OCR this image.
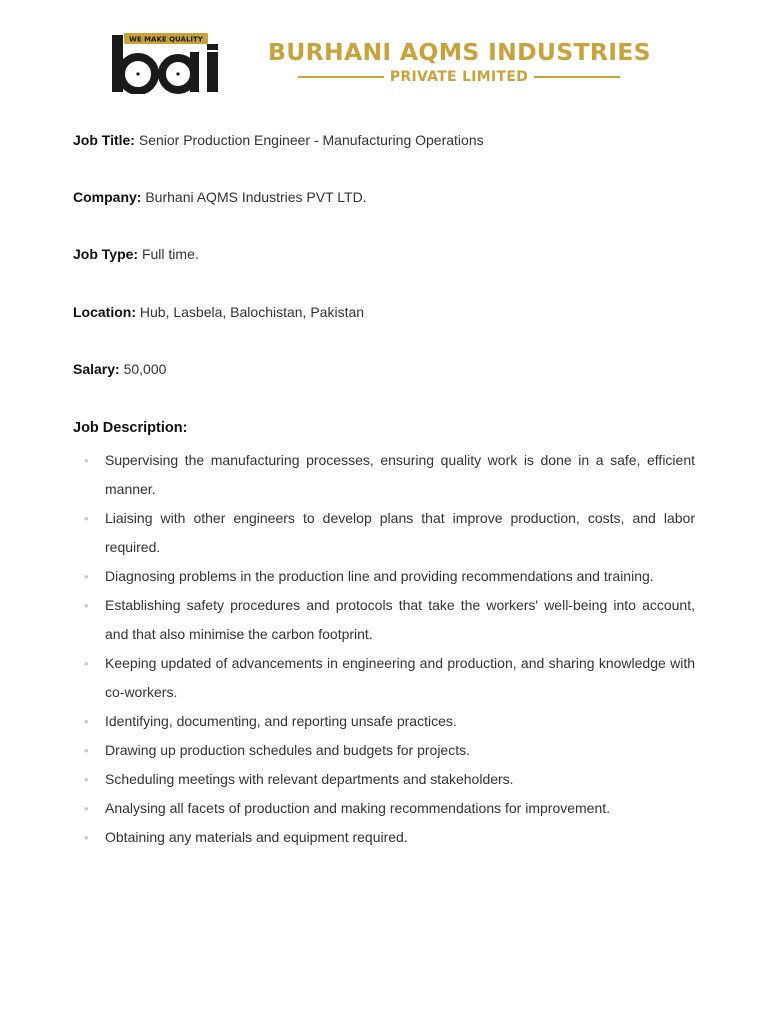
WE MAKE QUALITY	BURHANI AQMS INDUSTRIES
PRIVATE LIMITED
Job Title: Senior Production Engineer - Manufacturing Operations
Company: Burhani AQMS Industries PVT LTD.
Job Type: Full time.
Location: Hub, Lasbela, Balochistan, Pakistan
Salary: 50,000
Job Description:
• Supervising the manufacturing processes, ensuring quality work is done in a safe, efficient manner.
• Liaising with other engineers to develop plans that improve production, costs, and labor required.
• Diagnosing problems in the production line and providing recommendations and training.
• Establishing safety procedures and protocols that take the workers' well-being into account, and that also minimise the carbon footprint.
• Keeping updated of advancements in engineering and production, and sharing knowledge with co-workers.
• Identifying, documenting, and reporting unsafe practices.
• Drawing up production schedules and budgets for projects.
• Scheduling meetings with relevant departments and stakeholders.
• Analysing all facets of production and making recommendations for improvement.
• Obtaining any materials and equipment required.
